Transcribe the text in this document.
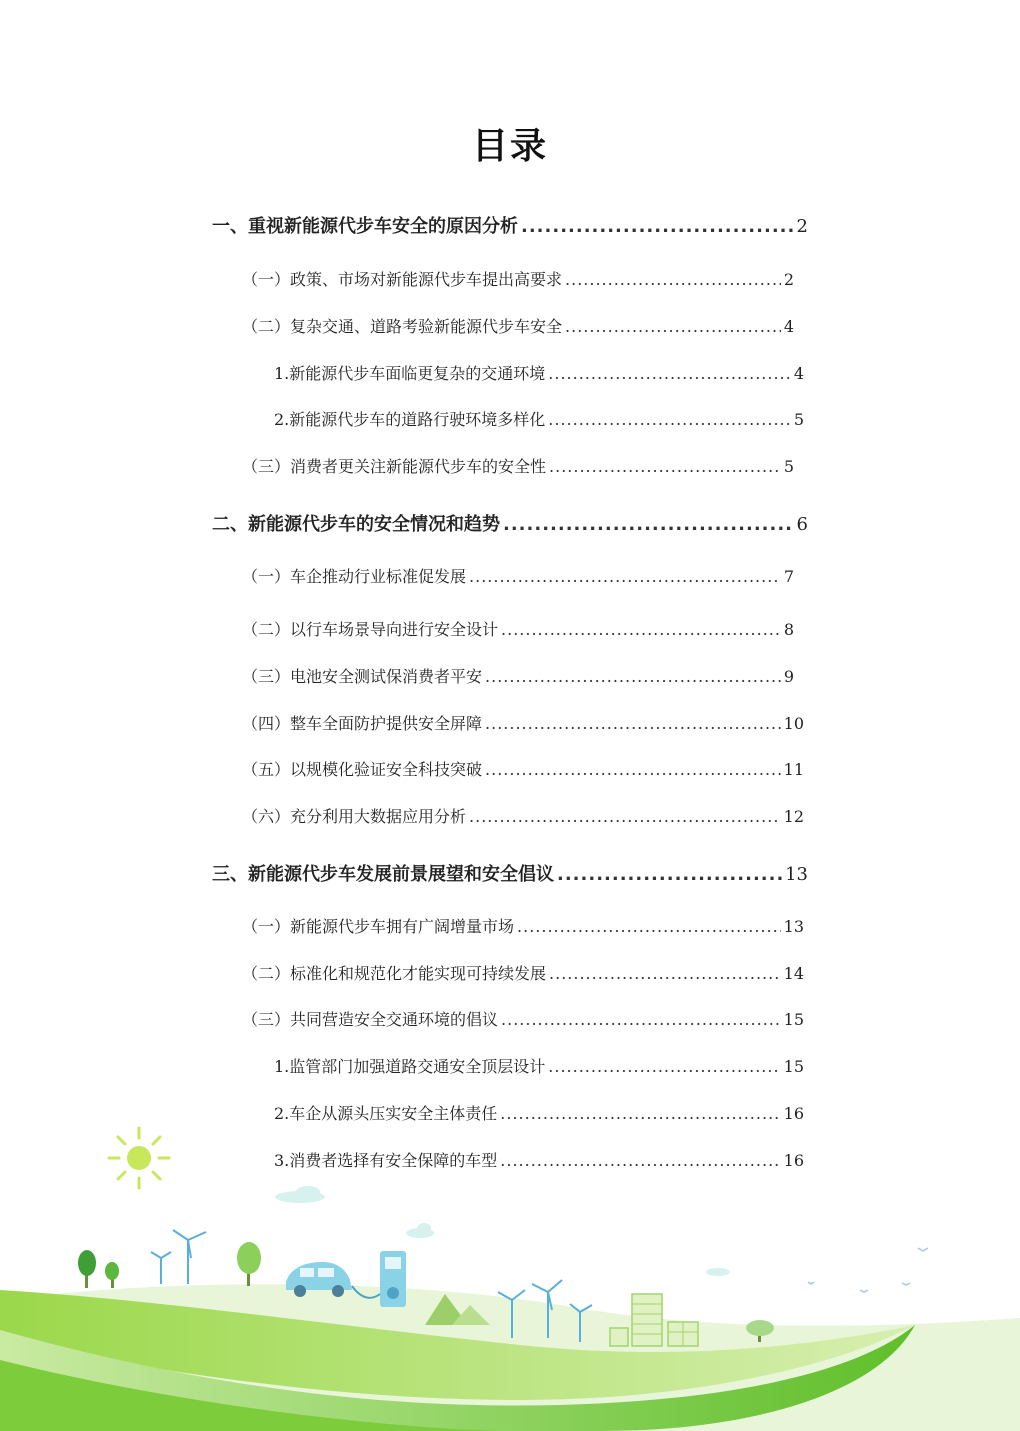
目录
一、重视新能源代步车安全的原因分析 .....	2
（一）政策、市场对新能源代步车提出高要求 .....	2
（二）复杂交通、道路考验新能源代步车安全 .....	4
1.新能源代步车面临更复杂的交通环境 .....	4
2.新能源代步车的道路行驶环境多样化 .....	5
（三）消费者更关注新能源代步车的安全性 .....	5
二、新能源代步车的安全情况和趋势 .....	6
（一）车企推动行业标准促发展 .....	7
（二）以行车场景导向进行安全设计 .....	8
（三）电池安全测试保消费者平安 .....	9
（四）整车全面防护提供安全屏障 .....	10
（五）以规模化验证安全科技突破 .....	11
（六）充分利用大数据应用分析 .....	12
三、新能源代步车发展前景展望和安全倡议 .....	13
（一）新能源代步车拥有广阔增量市场 .....	13
（二）标准化和规范化才能实现可持续发展 .....	14
（三）共同营造安全交通环境的倡议 .....	15
1.监管部门加强道路交通安全顶层设计 .....	15
2.车企从源头压实安全主体责任 .....	16
3.消费者选择有安全保障的车型 .....	16
